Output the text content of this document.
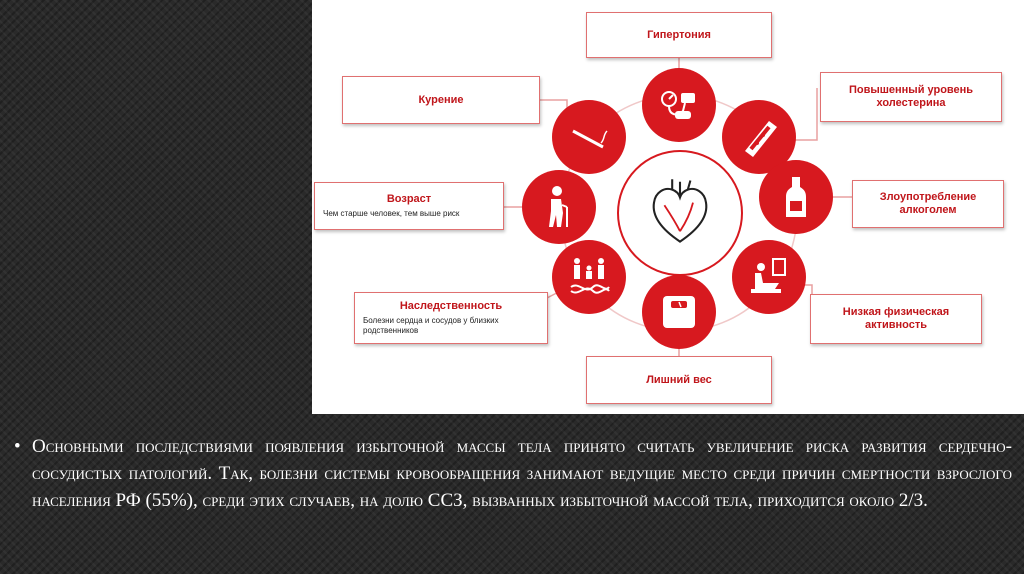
Гипертония
Повышенный уровень холестерина
Злоупотребление алкоголем
Низкая физическая активность
Лишний вес
Наследственность
Болезни сердца и сосудов у близких родственников
Возраст
Чем старше человек, тем выше риск
Курение

• Основными последствиями появления избыточной массы тела принято считать увеличение риска развития сердечно-сосудистых патологий. Так, болезни системы кровообращения занимают ведущие место среди причин смертности взрослого населения РФ (55%), среди этих случаев, на долю ССЗ, вызванных избыточной массой тела, приходится около 2/3.
